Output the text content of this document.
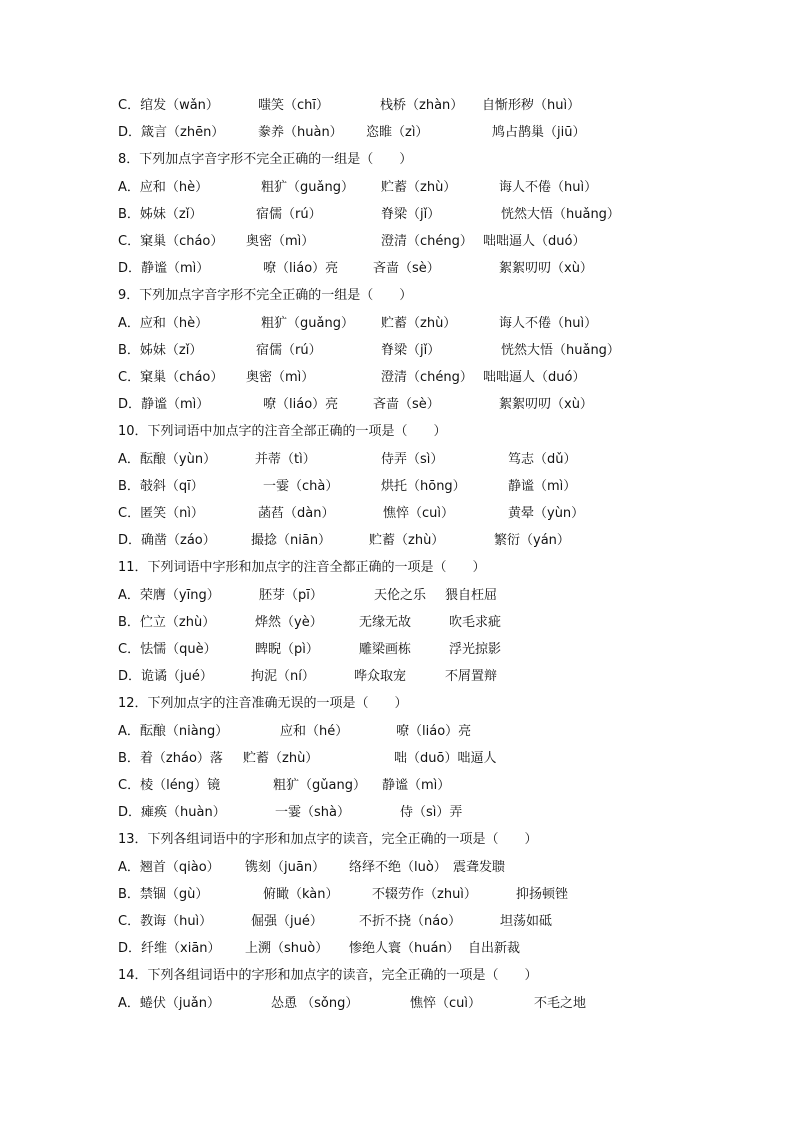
C．绾发（wǎn）	嗤笑（chī）	栈桥（zhàn） 自惭形秽（huì）
D．箴言（zhēn）	豢养（huàn） 恣睢（zì）	鸠占鹊巢（jiū）
8．下列加点字音字形不完全正确的一组是（　　）
A．应和（hè）	粗犷（guǎng） 贮蓄（zhù）	诲人不倦（huì）
B．姊妹（zǐ）	宿儒（rú）	脊梁（jǐ）	恍然大悟（huǎng）
C．窠巢（cháo） 奥密（mì）	澄清（chéng） 咄咄逼人（duó）
D．静谧（mì）	嘹（liáo）亮	吝啬（sè）	絮絮叨叨（xù）
9．下列加点字音字形不完全正确的一组是（　　）
A．应和（hè）	粗犷（guǎng） 贮蓄（zhù）	诲人不倦（huì）
B．姊妹（zǐ）	宿儒（rú）	脊梁（jǐ）	恍然大悟（huǎng）
C．窠巢（cháo） 奥密（mì）	澄清（chéng） 咄咄逼人（duó）
D．静谧（mì）	嘹（liáo）亮	吝啬（sè）	絮絮叨叨（xù）
10．下列词语中加点字的注音全部正确的一项是（　　）
A．酝酿（yùn）	并蒂（tì）	侍弄（sì）	笃志（dǔ）
B．攲斜（qī）	一霎（chà）	烘托（hōng）	静谧（mì）
C．匿笑（nì）	菡萏（dàn）	憔悴（cuì）	黄晕（yùn）
D．确凿（záo）	撮捻（niān）	贮蓄（zhù）	繁衍（yán）
11．下列词语中字形和加点字的注音全都正确的一项是（　　）
A．荣膺（yīng）	胚芽（pī）	天伦之乐 猥自枉屈
B．伫立（zhù）	烨然（yè）	无缘无故	吹毛求疵
C．怯懦（què）	睥睨（pì）	雕梁画栋	浮光掠影
D．诡谲（jué）	拘泥（ní）	哗众取宠	不屑置辩
12．下列加点字的注音准确无误的一项是（　　）
A．酝酿（niàng）	应和（hé）	嘹（liáo）亮
B．着（zháo）落 贮蓄（zhù）	咄（duō）咄逼人
C．棱（léng）镜	粗犷（gǔang） 静谧（mì）
D．瘫痪（huàn）	一霎（shà）	侍（sì）弄
13．下列各组词语中的字形和加点字的读音，完全正确的一项是（　　）
A．翘首（qiào） 镌刻（juān） 络绎不绝（luò） 震聋发聩
B．禁锢（gù）	俯瞰（kàn）	不辍劳作（zhuì）	抑扬顿锉
C．教诲（huì）	倔强（jué）	不折不挠（náo）	坦荡如砥
D．纤维（xiān） 上溯（shuò） 惨绝人寰（huán） 自出新裁
14．下列各组词语中的字形和加点字的读音，完全正确的一项是（　　）
A．蜷伏（juǎn）	怂恿 （sǒng）	憔悴（cuì）	不毛之地
